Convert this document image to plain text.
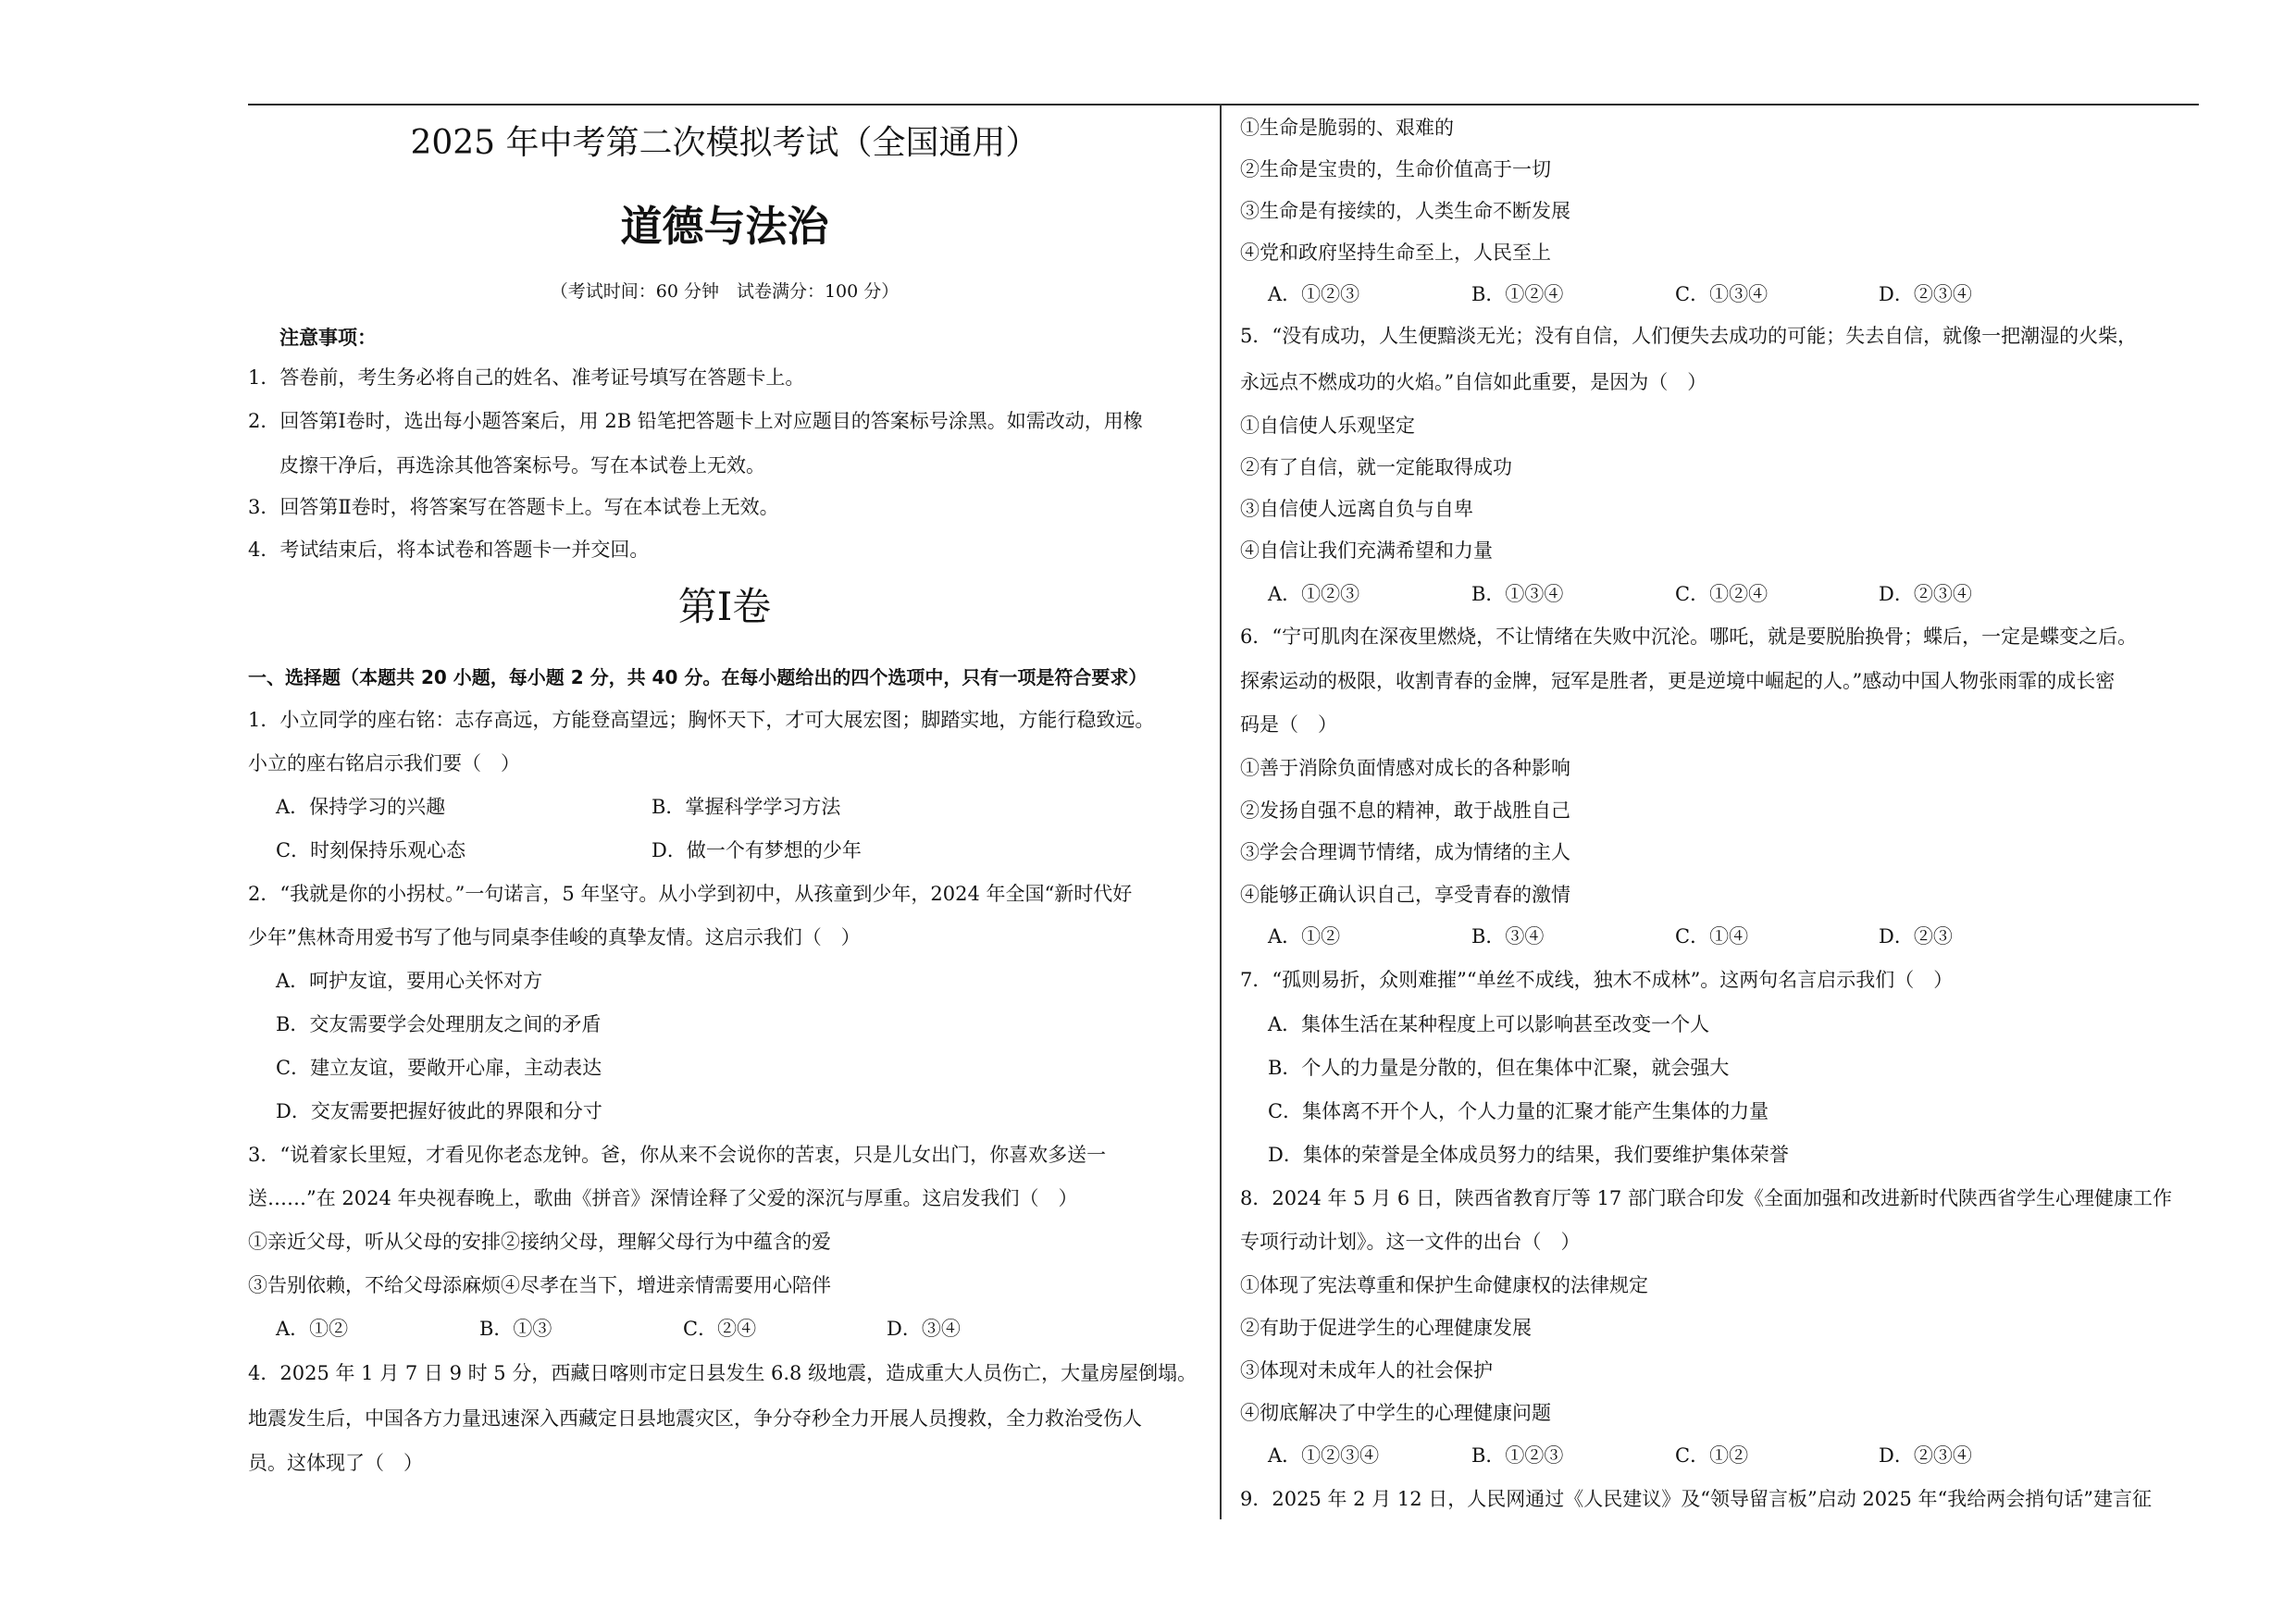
2025 年中考第二次模拟考试（全国通用）
道德与法治
（考试时间：60 分钟　试卷满分：100 分）
注意事项：
1．答卷前，考生务必将自己的姓名、准考证号填写在答题卡上。
2．回答第Ⅰ卷时，选出每小题答案后，用 2B 铅笔把答题卡上对应题目的答案标号涂黑。如需改动，用橡
皮擦干净后，再选涂其他答案标号。写在本试卷上无效。
3．回答第Ⅱ卷时，将答案写在答题卡上。写在本试卷上无效。
4．考试结束后，将本试卷和答题卡一并交回。
第Ⅰ卷
一、选择题（本题共 20 小题，每小题 2 分，共 40 分。在每小题给出的四个选项中，只有一项是符合要求）
1．小立同学的座右铭：志存高远，方能登高望远；胸怀天下，才可大展宏图；脚踏实地，方能行稳致远。
小立的座右铭启示我们要（　）
A．保持学习的兴趣	B．掌握科学学习方法
C．时刻保持乐观心态	D．做一个有梦想的少年
2．“我就是你的小拐杖。”一句诺言，5 年坚守。从小学到初中，从孩童到少年，2024 年全国“新时代好
少年”焦林奇用爱书写了他与同桌李佳峻的真挚友情。这启示我们（　）
A．呵护友谊，要用心关怀对方
B．交友需要学会处理朋友之间的矛盾
C．建立友谊，要敞开心扉，主动表达
D．交友需要把握好彼此的界限和分寸
3．“说着家长里短，才看见你老态龙钟。爸，你从来不会说你的苦衷，只是儿女出门，你喜欢多送一
送……”在 2024 年央视春晚上，歌曲《拼音》深情诠释了父爱的深沉与厚重。这启发我们（　）
①亲近父母，听从父母的安排②接纳父母，理解父母行为中蕴含的爱
③告别依赖，不给父母添麻烦④尽孝在当下，增进亲情需要用心陪伴
A．①②	B．①③	C．②④	D．③④
4．2025 年 1 月 7 日 9 时 5 分，西藏日喀则市定日县发生 6.8 级地震，造成重大人员伤亡，大量房屋倒塌。
地震发生后，中国各方力量迅速深入西藏定日县地震灾区，争分夺秒全力开展人员搜救，全力救治受伤人
员。这体现了（　）
①生命是脆弱的、艰难的
②生命是宝贵的，生命价值高于一切
③生命是有接续的，人类生命不断发展
④党和政府坚持生命至上，人民至上
A．①②③	B．①②④	C．①③④	D．②③④
5．“没有成功，人生便黯淡无光；没有自信，人们便失去成功的可能；失去自信，就像一把潮湿的火柴，
永远点不燃成功的火焰。”自信如此重要，是因为（　）
①自信使人乐观坚定
②有了自信，就一定能取得成功
③自信使人远离自负与自卑
④自信让我们充满希望和力量
A．①②③	B．①③④	C．①②④	D．②③④
6．“宁可肌肉在深夜里燃烧，不让情绪在失败中沉沦。哪吒，就是要脱胎换骨；蝶后，一定是蝶变之后。
探索运动的极限，收割青春的金牌，冠军是胜者，更是逆境中崛起的人。”感动中国人物张雨霏的成长密
码是（　）
①善于消除负面情感对成长的各种影响
②发扬自强不息的精神，敢于战胜自己
③学会合理调节情绪，成为情绪的主人
④能够正确认识自己，享受青春的激情
A．①②	B．③④	C．①④	D．②③
7．“孤则易折，众则难摧”“单丝不成线，独木不成林”。这两句名言启示我们（　）
A．集体生活在某种程度上可以影响甚至改变一个人
B．个人的力量是分散的，但在集体中汇聚，就会强大
C．集体离不开个人，个人力量的汇聚才能产生集体的力量
D．集体的荣誉是全体成员努力的结果，我们要维护集体荣誉
8．2024 年 5 月 6 日，陕西省教育厅等 17 部门联合印发《全面加强和改进新时代陕西省学生心理健康工作
专项行动计划》。这一文件的出台（　）
①体现了宪法尊重和保护生命健康权的法律规定
②有助于促进学生的心理健康发展
③体现对未成年人的社会保护
④彻底解决了中学生的心理健康问题
A．①②③④	B．①②③	C．①②	D．②③④
9．2025 年 2 月 12 日，人民网通过《人民建议》及“领导留言板”启动 2025 年“我给两会捎句话”建言征
